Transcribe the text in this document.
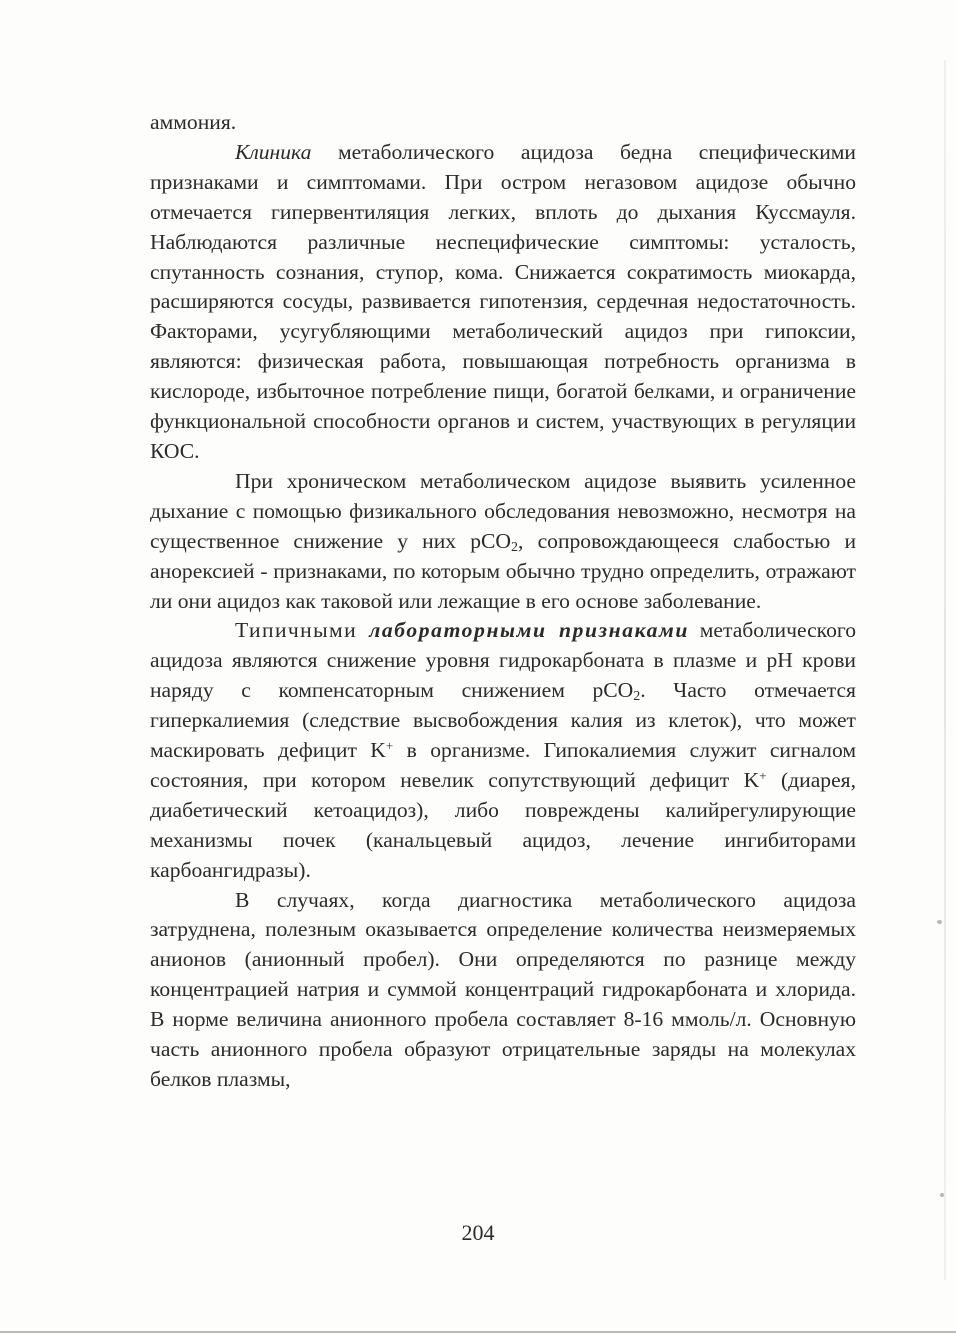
аммония.

Клиника метаболического ацидоза бедна специфическими признаками и симптомами. При остром негазовом ацидозе обычно отмечается гипервентиляция легких, вплоть до дыхания Куссмауля. Наблюдаются различные неспецифические симптомы: усталость, спутанность сознания, ступор, кома. Снижается сократимость миокарда, расширяются сосуды, развивается гипотензия, сердечная недостаточность. Факторами, усугубляющими метаболический ацидоз при гипоксии, являются: физическая работа, повышающая потребность организма в кислороде, избыточное потребление пищи, богатой белками, и ограничение функциональной способности органов и систем, участвующих в регуляции КОС.

При хроническом метаболическом ацидозе выявить усиленное дыхание с помощью физикального обследования невозможно, несмотря на существенное снижение у них pCO$_2$, сопровождающееся слабостью и анорексией - признаками, по которым обычно трудно определить, отражают ли они ацидоз как таковой или лежащие в его основе заболевание.

Типичными лабораторными признаками метаболического ацидоза являются снижение уровня гидрокарбоната в плазме и pH крови наряду с компенсаторным снижением pCO$_2$. Часто отмечается гиперкалиемия (следствие высвобождения калия из клеток), что может маскировать дефицит K+ в организме. Гипокалиемия служит сигналом состояния, при котором невелик сопутствующий дефицит K+ (диарея, диабетический кетоацидоз), либо повреждены калийрегулирующие механизмы почек (канальцевый ацидоз, лечение ингибиторами карбоангидразы).

В случаях, когда диагностика метаболического ацидоза затруднена, полезным оказывается определение количества неизмеряемых анионов (анионный пробел). Они определяются по разнице между концентрацией натрия и суммой концентраций гидрокарбоната и хлорида. В норме величина анионного пробела составляет 8-16 ммоль/л. Основную часть анионного пробела образуют отрицательные заряды на молекулах белков плазмы,

204
